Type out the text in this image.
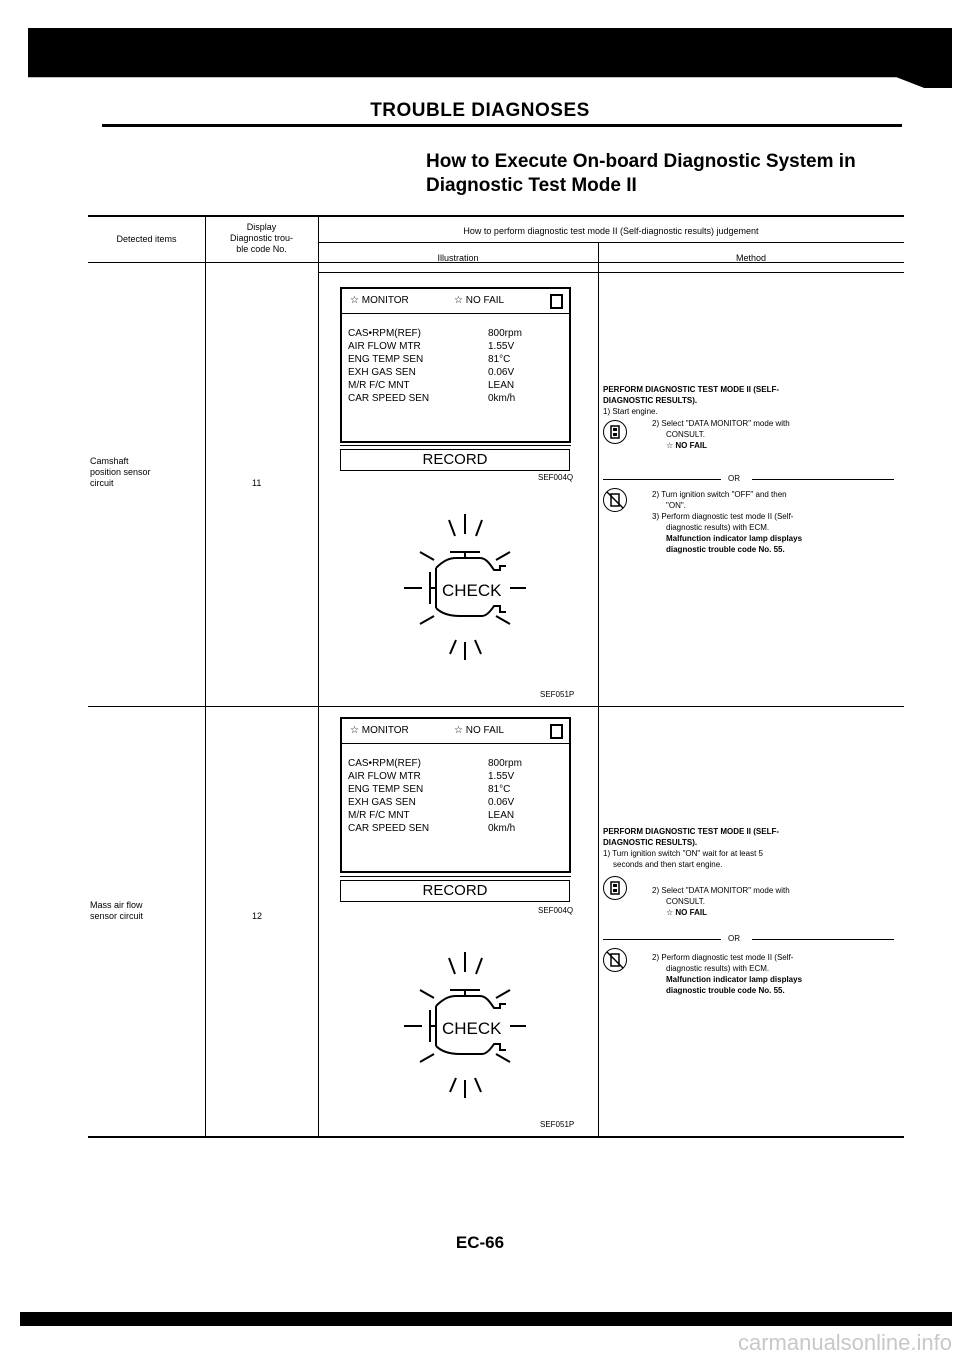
TROUBLE DIAGNOSES
How to Execute On-board Diagnostic System in
Diagnostic Test Mode II
Detected items
Display
Diagnostic trou-
ble code No.
How to perform diagnostic test mode II (Self-diagnostic results) judgement
Illustration	Method
Camshaft
position sensor
circuit	11
☆ MONITOR	☆ NO FAIL
CAS•RPM(REF)	800rpm
AIR FLOW MTR	1.55V
ENG TEMP SEN	81°C
EXH GAS SEN	0.06V
M/R F/C MNT	LEAN
CAR SPEED SEN	0km/h
RECORD
SEF004Q
CHECK
SEF051P
PERFORM DIAGNOSTIC TEST MODE II (SELF-
DIAGNOSTIC RESULTS).
1) Start engine.
2) Select "DATA MONITOR" mode with
CONSULT.
☆ NO FAIL
OR
2) Turn ignition switch "OFF" and then
"ON".
3) Perform diagnostic test mode II (Self-
diagnostic results) with ECM.
Malfunction indicator lamp displays
diagnostic trouble code No. 55.
Mass air flow
sensor circuit	12
☆ MONITOR	☆ NO FAIL
CAS•RPM(REF)	800rpm
AIR FLOW MTR	1.55V
ENG TEMP SEN	81°C
EXH GAS SEN	0.06V
M/R F/C MNT	LEAN
CAR SPEED SEN	0km/h
RECORD
SEF004Q
CHECK
SEF051P
PERFORM DIAGNOSTIC TEST MODE II (SELF-
DIAGNOSTIC RESULTS).
1) Turn ignition switch "ON" wait for at least 5
seconds and then start engine.
2) Select "DATA MONITOR" mode with
CONSULT.
☆ NO FAIL
OR
2) Perform diagnostic test mode II (Self-
diagnostic results) with ECM.
Malfunction indicator lamp displays
diagnostic trouble code No. 55.
EC-66
carmanualsonline.info
